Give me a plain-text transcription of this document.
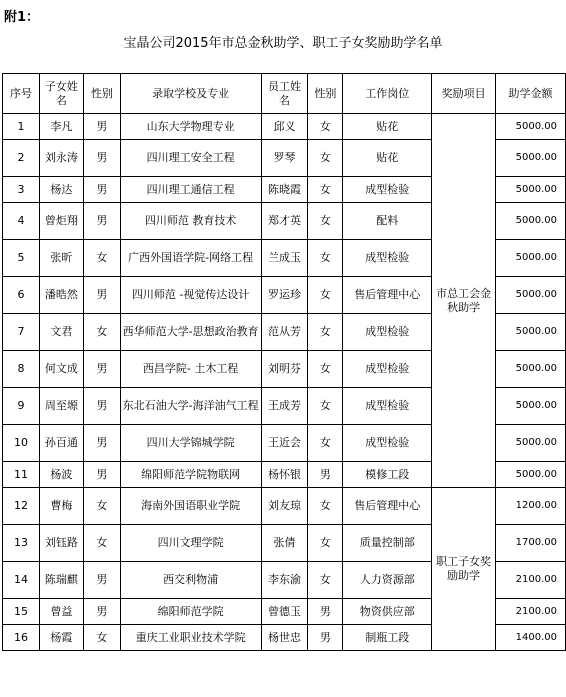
附1：
宝晶公司2015年市总金秋助学、职工子女奖励助学名单
序号	子女姓名	性别	录取学校及专业	员工姓名	性别	工作岗位	奖励项目	助学金额
1	李凡	男	山东大学物理专业	邱义	女	贴花	市总工会金秋助学	5000.00
2	刘永涛	男	四川理工安全工程	罗琴	女	贴花		5000.00
3	杨达	男	四川理工通信工程	陈晓霞	女	成型检验		5000.00
4	曾炬翔	男	四川师范 教育技术	郑才英	女	配料		5000.00
5	张昕	女	广西外国语学院-网络工程	兰成玉	女	成型检验		5000.00
6	潘晧然	男	四川师范 -视觉传达设计	罗运珍	女	售后管理中心		5000.00
7	文君	女	西华师范大学-思想政治教育	范从芳	女	成型检验		5000.00
8	何文成	男	西昌学院- 土木工程	刘明芬	女	成型检验		5000.00
9	周至塬	男	东北石油大学-海洋油气工程	王成芳	女	成型检验		5000.00
10	孙百通	男	四川大学锦城学院	王近会	女	成型检验		5000.00
11	杨波	男	绵阳师范学院物联网	杨怀银	男	模修工段		5000.00
12	曹梅	女	海南外国语职业学院	刘友琼	女	售后管理中心	职工子女奖励助学	1200.00
13	刘钰路	女	四川文理学院	张倩	女	质量控制部		1700.00
14	陈瑞麒	男	西交利物浦	李东渝	女	人力资源部		2100.00
15	曾益	男	绵阳师范学院	曾德玉	男	物资供应部		2100.00
16	杨霞	女	重庆工业职业技术学院	杨世忠	男	制瓶工段		1400.00
